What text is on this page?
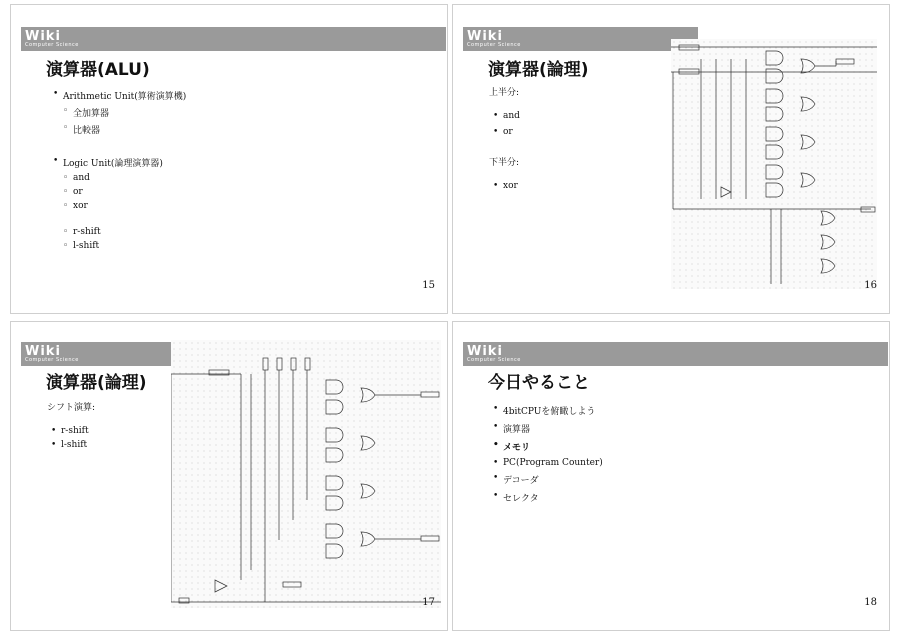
Wiki
Computer Science
演算器(ALU)
• Arithmetic Unit(算術演算機)
◦ 全加算器
◦ 比較器
• Logic Unit(論理演算器)
◦ and
◦ or
◦ xor
◦ r-shift
◦ l-shift
15
Wiki
Computer Science
演算器(論理)
上半分:
• and
• or
下半分:
• xor
16
Wiki
Computer Science
演算器(論理)
シフト演算:
• r-shift
• l-shift
17
Wiki
Computer Science
今日やること
• 4bitCPUを俯瞰しよう
• 演算器
• メモリ
• PC(Program Counter)
• デコーダ
• セレクタ
18
